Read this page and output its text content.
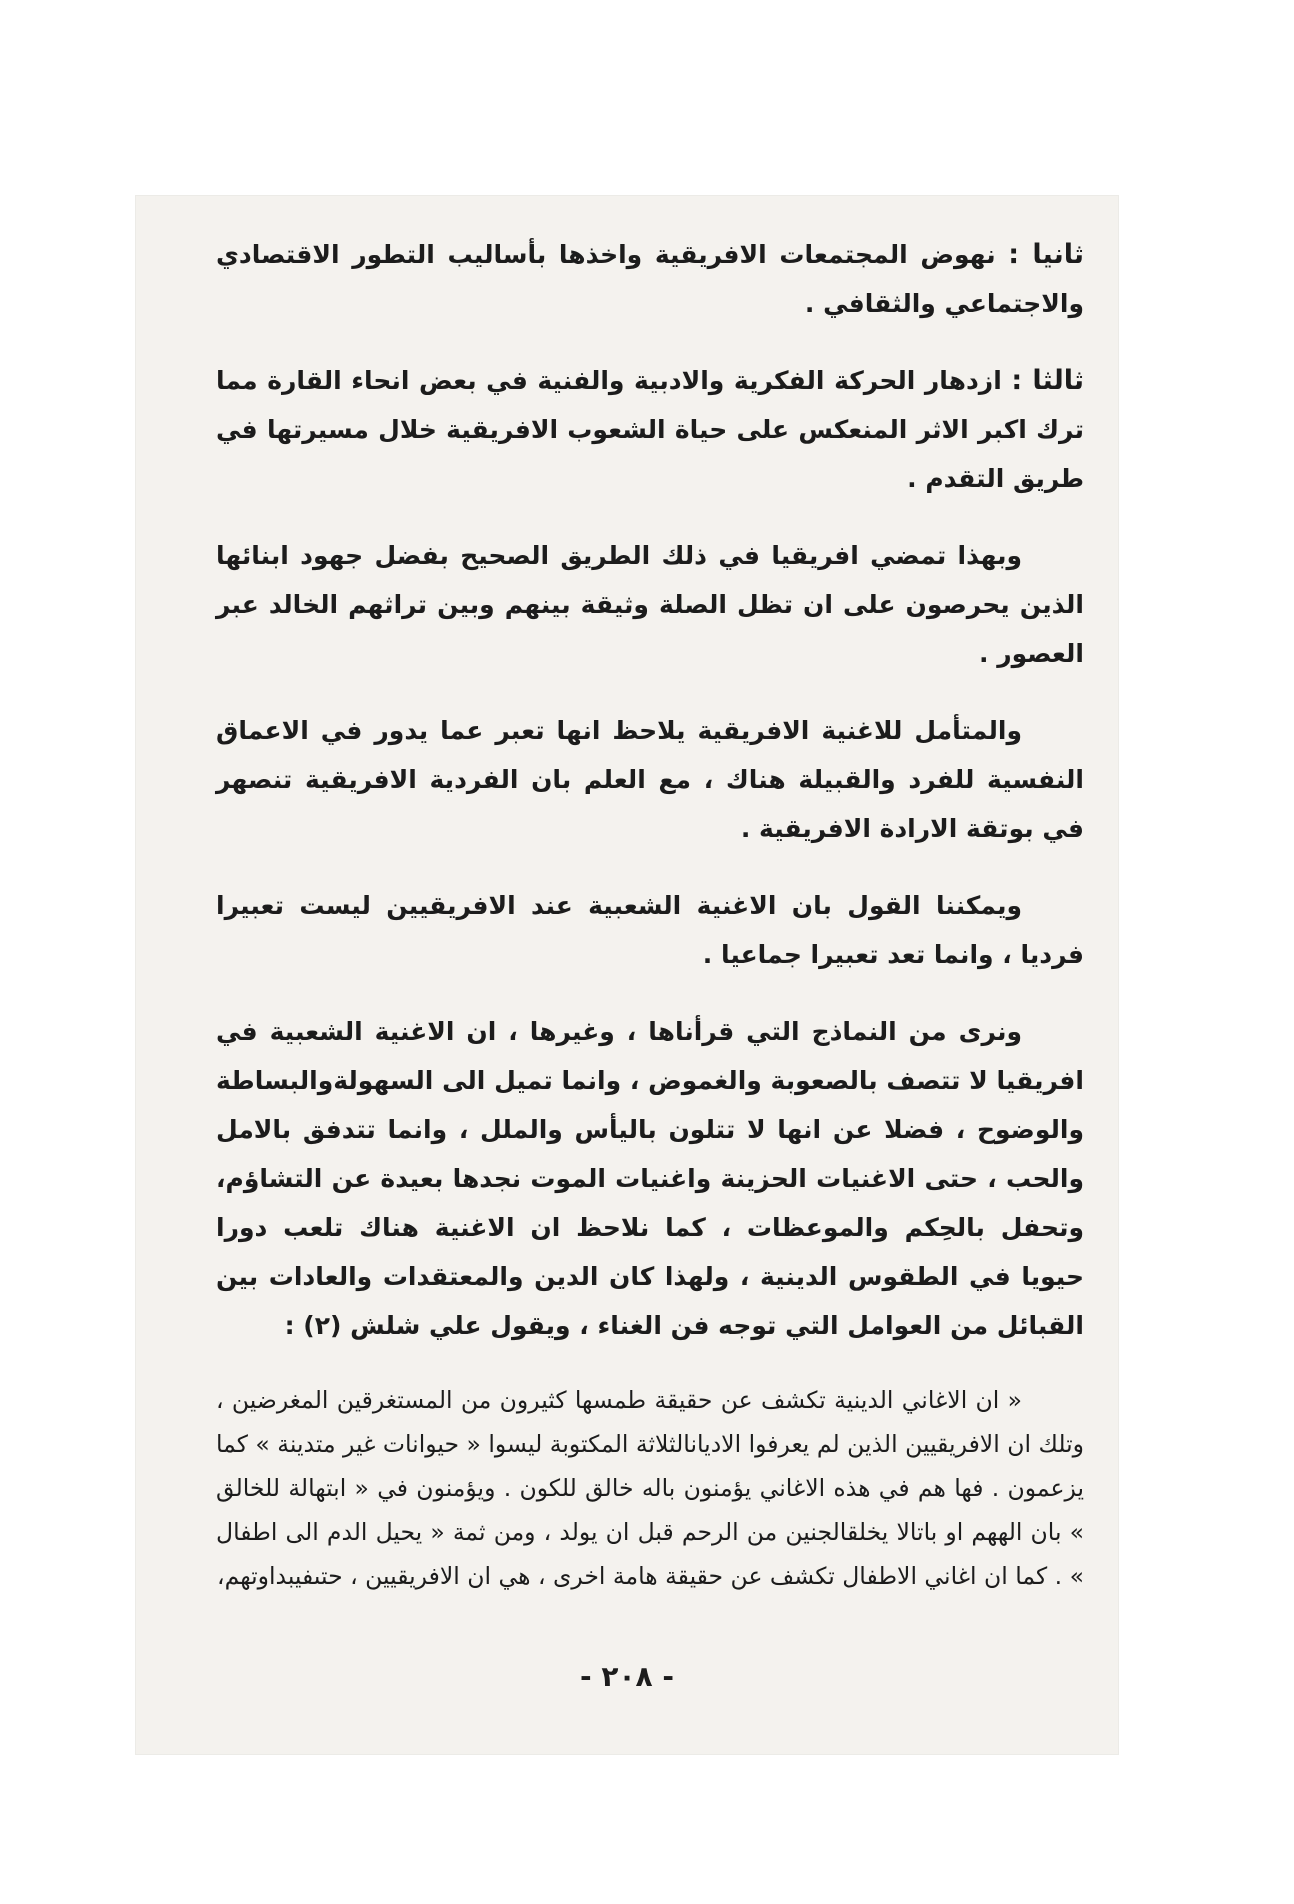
ثانيا : نهوض المجتمعات الافريقية واخذها بأساليب التطور الاقتصادي والاجتماعي والثقافي .

ثالثا : ازدهار الحركة الفكرية والادبية والفنية في بعض انحاء القارة مما ترك اكبر الاثر المنعكس على حياة الشعوب الافريقية خلال مسيرتها في طريق التقدم .

وبهذا تمضي افريقيا في ذلك الطريق الصحيح بفضل جهود ابنائها الذين يحرصون على ان تظل الصلة وثيقة بينهم وبين تراثهم الخالد عبر العصور .

والمتأمل للاغنية الافريقية يلاحظ انها تعبر عما يدور في الاعماق النفسية للفرد والقبيلة هناك ، مع العلم بان الفردية الافريقية تنصهر في بوتقة الارادة الافريقية .

ويمكننا القول بان الاغنية الشعبية عند الافريقيين ليست تعبيرا فرديا ، وانما تعد تعبيرا جماعيا .

ونرى من النماذج التي قرأناها ، وغيرها ، ان الاغنية الشعبية في افريقيا لا تتصف بالصعوبة والغموض ، وانما تميل الى السهولةوالبساطة والوضوح ، فضلا عن انها لا تتلون باليأس والملل ، وانما تتدفق بالامل والحب ، حتى الاغنيات الحزينة واغنيات الموت نجدها بعيدة عن التشاؤم، وتحفل بالحِكم والموعظات ، كما نلاحظ ان الاغنية هناك تلعب دورا حيويا في الطقوس الدينية ، ولهذا كان الدين والمعتقدات والعادات بين القبائل من العوامل التي توجه فن الغناء ، ويقول علي شلش (٢) :

« ان الاغاني الدينية تكشف عن حقيقة طمسها كثيرون من المستغرقين المغرضين ، وتلك ان الافريقيين الذين لم يعرفوا الاديانالثلاثة المكتوبة ليسوا « حيوانات غير متدينة » كما يزعمون . فها هم في هذه الاغاني يؤمنون باله خالق للكون . ويؤمنون في « ابتهالة للخالق » بان الههم او باتالا يخلقالجنين من الرحم قبل ان يولد ، ومن ثمة « يحيل الدم الى اطفال » . كما ان اغاني الاطفال تكشف عن حقيقة هامة اخرى ، هي ان الافريقيين ، حتىفيبداوتهم،

- ٢٠٨ -
